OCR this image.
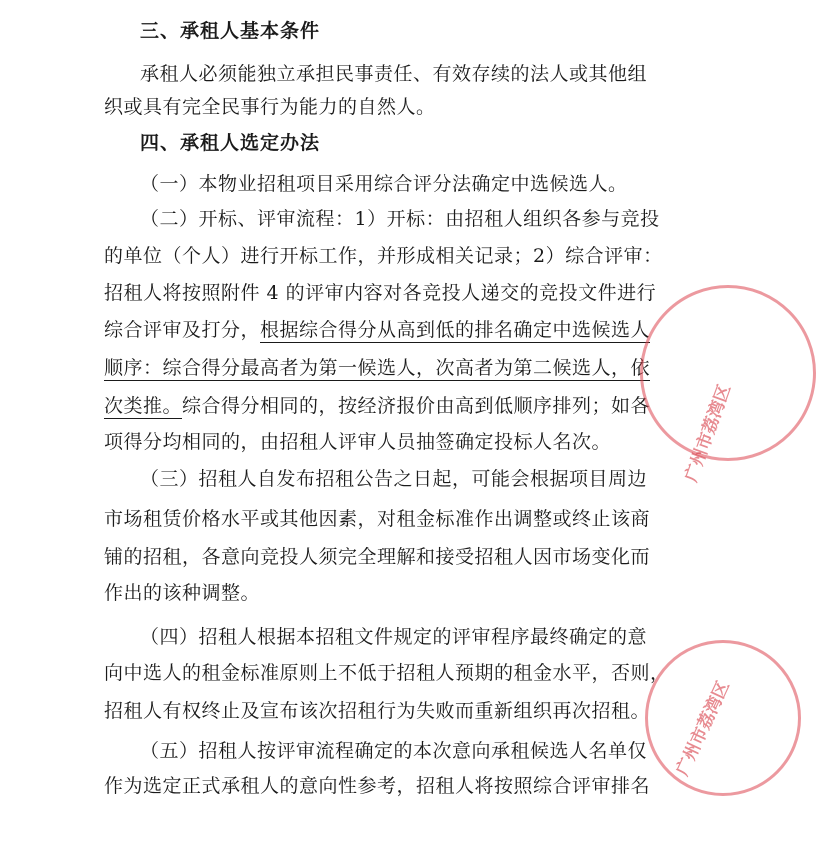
三、承租人基本条件
承租人必须能独立承担民事责任、有效存续的法人或其他组
织或具有完全民事行为能力的自然人。
四、承租人选定办法
（一）本物业招租项目采用综合评分法确定中选候选人。
（二）开标、评审流程：1）开标：由招租人组织各参与竞投
的单位（个人）进行开标工作，并形成相关记录；2）综合评审：
招租人将按照附件 4 的评审内容对各竞投人递交的竞投文件进行
综合评审及打分，根据综合得分从高到低的排名确定中选候选人
顺序：综合得分最高者为第一候选人，次高者为第二候选人，依
次类推。综合得分相同的，按经济报价由高到低顺序排列；如各
项得分均相同的，由招租人评审人员抽签确定投标人名次。
（三）招租人自发布招租公告之日起，可能会根据项目周边
市场租赁价格水平或其他因素，对租金标准作出调整或终止该商
铺的招租，各意向竞投人须完全理解和接受招租人因市场变化而
作出的该种调整。
（四）招租人根据本招租文件规定的评审程序最终确定的意
向中选人的租金标准原则上不低于招租人预期的租金水平，否则，
招租人有权终止及宣布该次招租行为失败而重新组织再次招租。
（五）招租人按评审流程确定的本次意向承租候选人名单仅
作为选定正式承租人的意向性参考，招租人将按照综合评审排名
广州市荔湾区
广州市荔湾区
